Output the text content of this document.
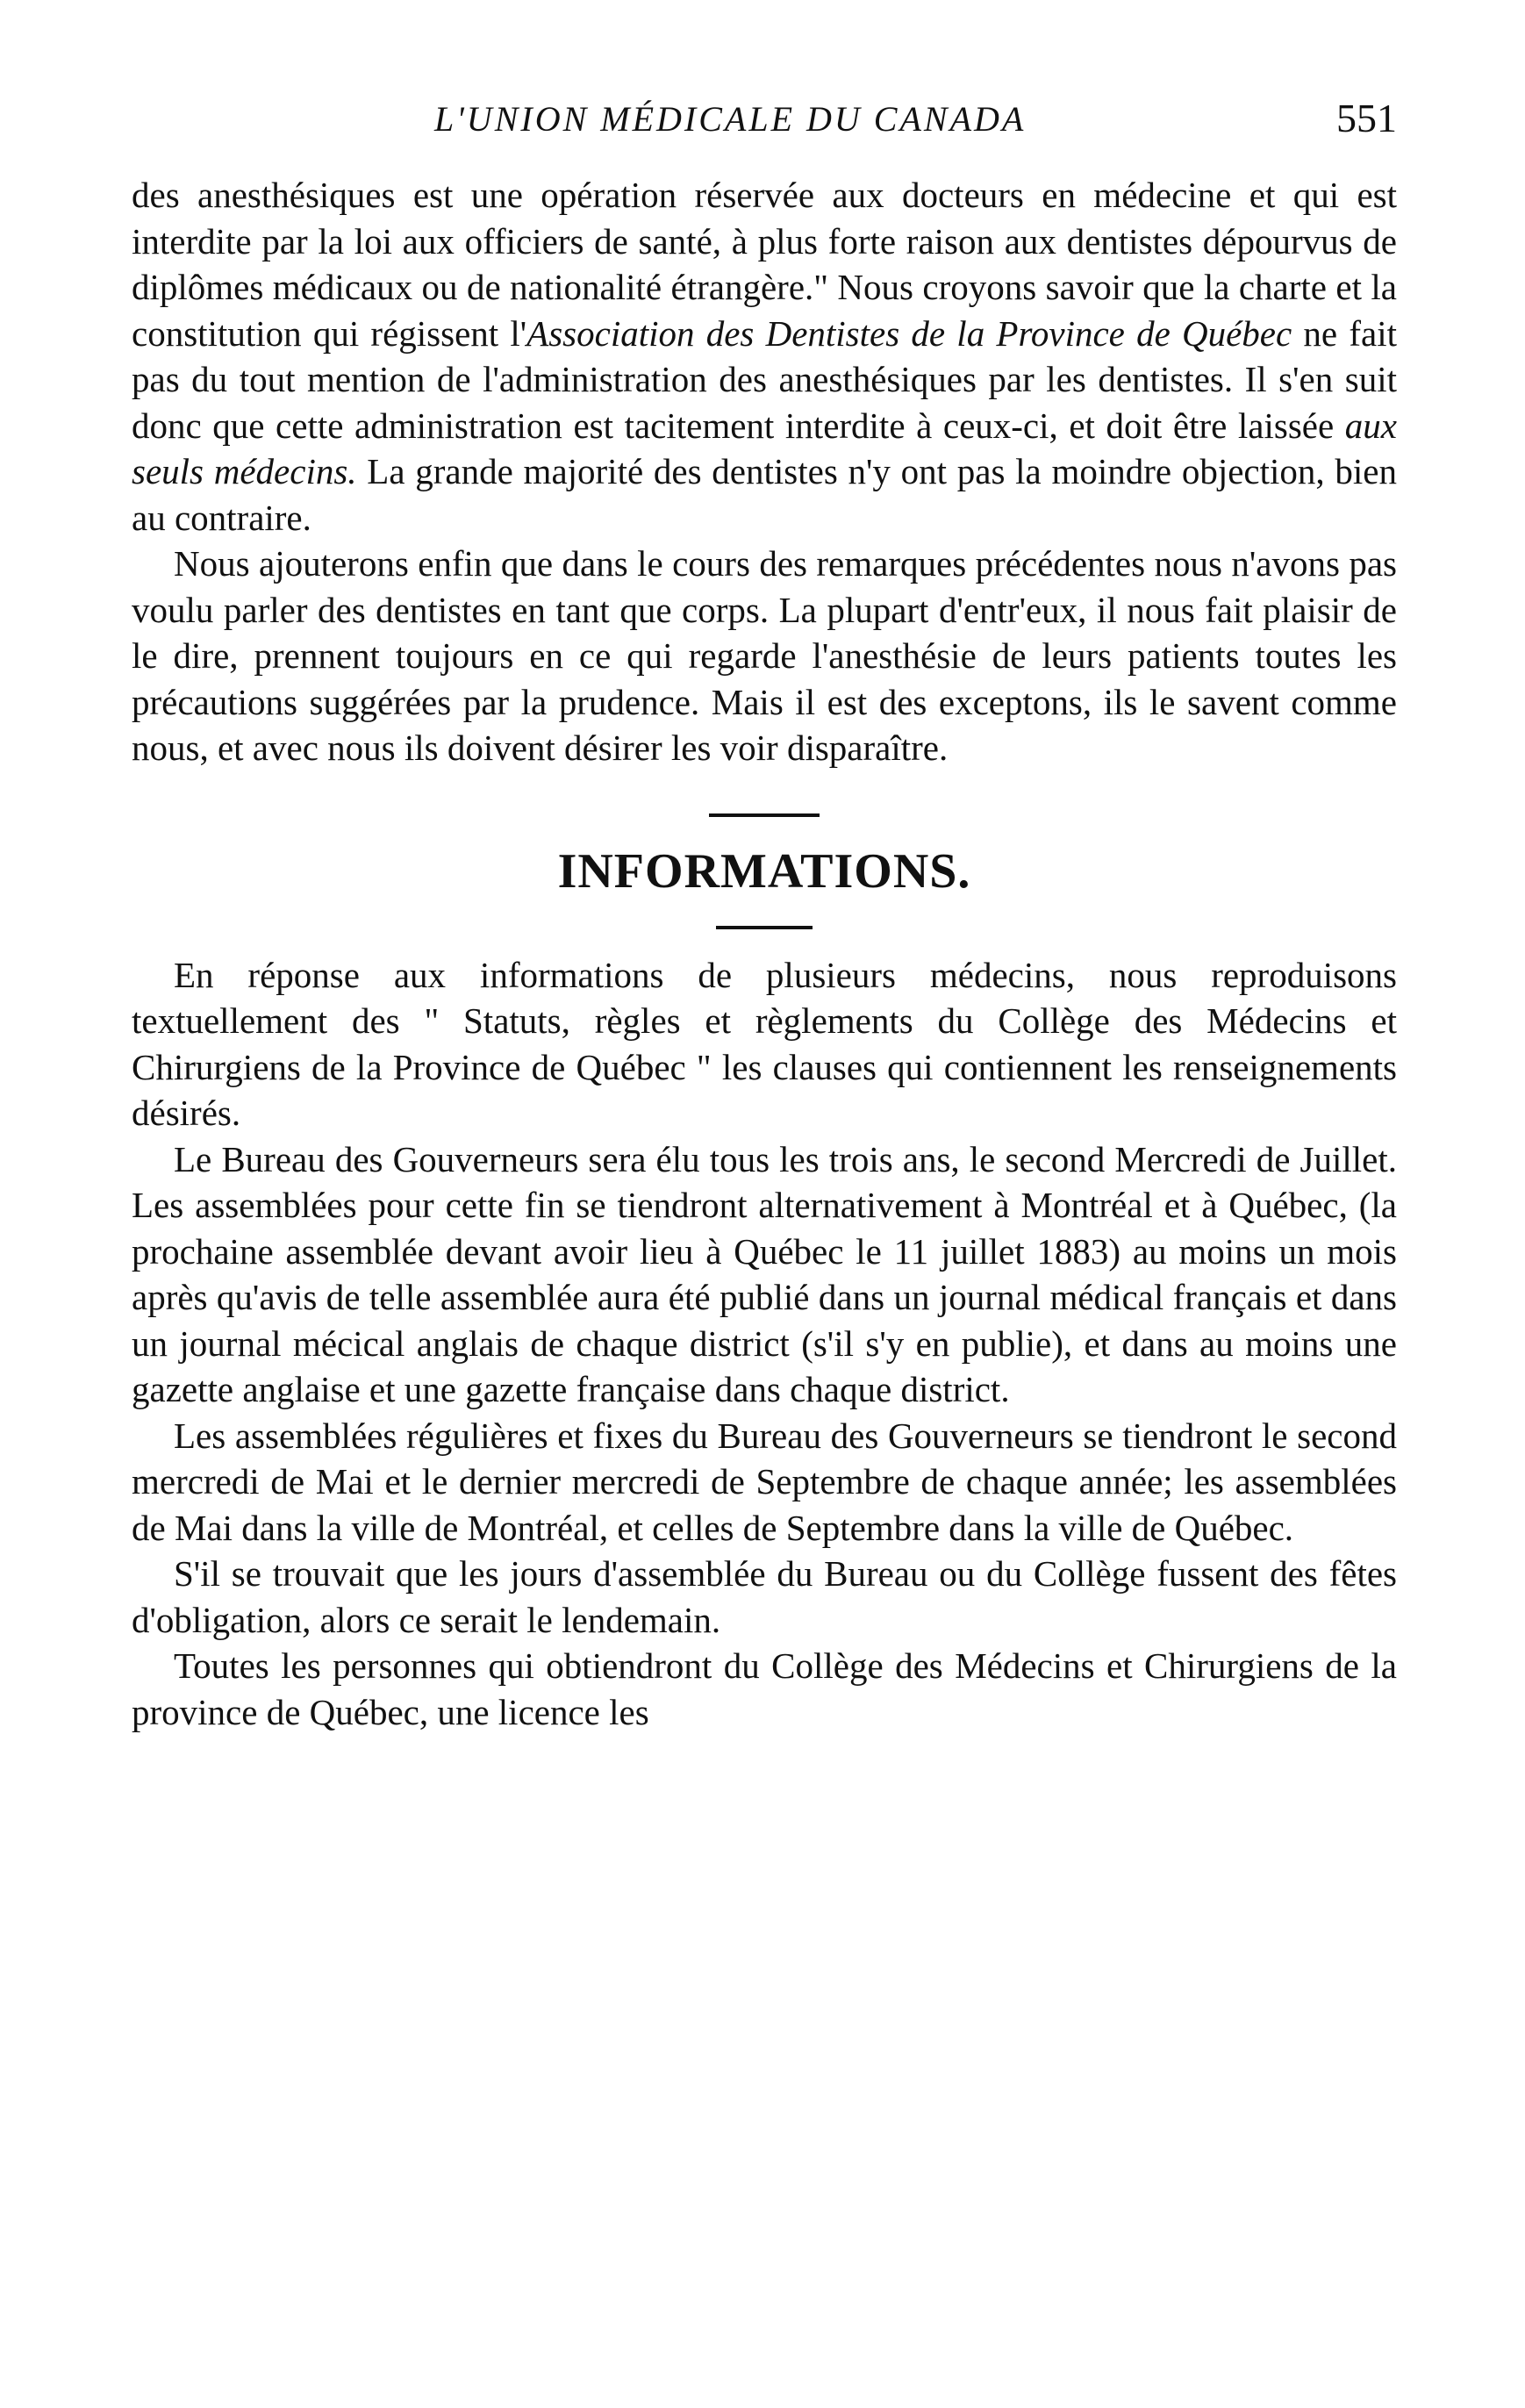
L'UNION MÉDICALE DU CANADA	551

des anesthésiques est une opération réservée aux docteurs en médecine et qui est interdite par la loi aux officiers de santé, à plus forte raison aux dentistes dépourvus de diplômes médicaux ou de nationalité étrangère." Nous croyons savoir que la charte et la constitution qui régissent l'Association des Dentistes de la Province de Québec ne fait pas du tout mention de l'administration des anesthésiques par les dentistes. Il s'en suit donc que cette administration est tacitement interdite à ceux-ci, et doit être laissée aux seuls médecins. La grande majorité des dentistes n'y ont pas la moindre objection, bien au contraire.

Nous ajouterons enfin que dans le cours des remarques précédentes nous n'avons pas voulu parler des dentistes en tant que corps. La plupart d'entr'eux, il nous fait plaisir de le dire, prennent toujours en ce qui regarde l'anesthésie de leurs patients toutes les précautions suggérées par la prudence. Mais il est des exceptons, ils le savent comme nous, et avec nous ils doivent désirer les voir disparaître.

INFORMATIONS.

En réponse aux informations de plusieurs médecins, nous reproduisons textuellement des " Statuts, règles et règlements du Collège des Médecins et Chirurgiens de la Province de Québec " les clauses qui contiennent les renseignements désirés.

Le Bureau des Gouverneurs sera élu tous les trois ans, le second Mercredi de Juillet. Les assemblées pour cette fin se tiendront alternativement à Montréal et à Québec, (la prochaine assemblée devant avoir lieu à Québec le 11 juillet 1883) au moins un mois après qu'avis de telle assemblée aura été publié dans un journal médical français et dans un journal mécical anglais de chaque district (s'il s'y en publie), et dans au moins une gazette anglaise et une gazette française dans chaque district.

Les assemblées régulières et fixes du Bureau des Gouverneurs se tiendront le second mercredi de Mai et le dernier mercredi de Septembre de chaque année; les assemblées de Mai dans la ville de Montréal, et celles de Septembre dans la ville de Québec.

S'il se trouvait que les jours d'assemblée du Bureau ou du Collège fussent des fêtes d'obligation, alors ce serait le lendemain.

Toutes les personnes qui obtiendront du Collège des Médecins et Chirurgiens de la province de Québec, une licence les
